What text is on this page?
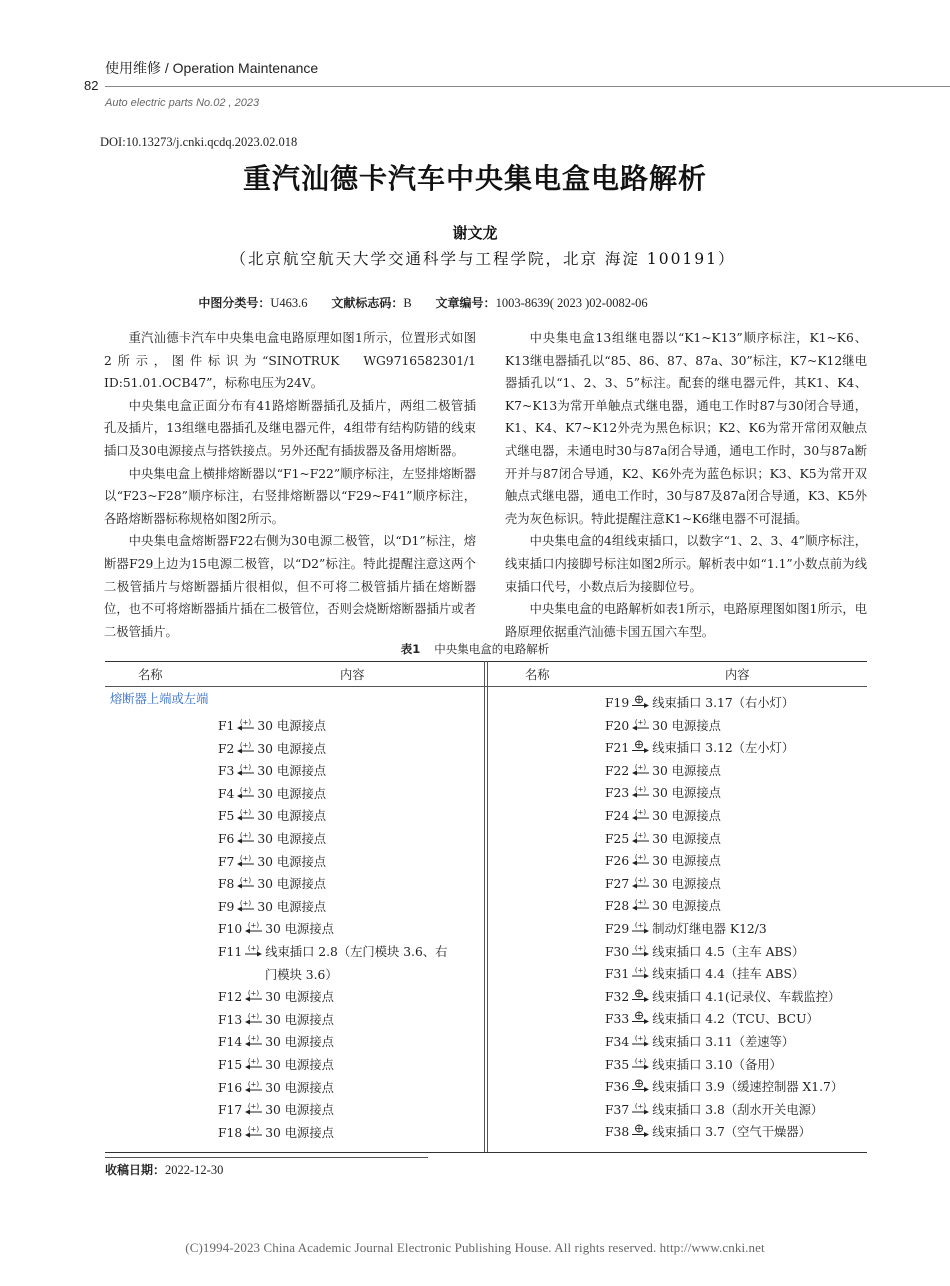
使用维修 / Operation Maintenance
82
Auto electric parts No.02 , 2023
DOI:10.13273/j.cnki.qcdq.2023.02.018
重汽汕德卡汽车中央集电盒电路解析
谢文龙
（北京航空航天大学交通科学与工程学院，北京 海淀 100191）
中图分类号：U463.6 文献标志码：B 文章编号：1003-8639( 2023 )02-0082-06

重汽汕德卡汽车中央集电盒电路原理如图1所示，位置形式如图2所示，图件标识为“SINOTRUK　WG9716582301/1 ID:51.01.OCB47”，标称电压为24V。

中央集电盒正面分布有41路熔断器插孔及插片，两组二极管插孔及插片，13组继电器插孔及继电器元件，4组带有结构防错的线束插口及30电源接点与搭铁接点。另外还配有插拔器及备用熔断器。

中央集电盒上横排熔断器以“F1~F22”顺序标注，左竖排熔断器以“F23~F28”顺序标注，右竖排熔断器以“F29~F41”顺序标注，各路熔断器标称规格如图2所示。

中央集电盒熔断器F22右侧为30电源二极管，以“D1”标注，熔断器F29上边为15电源二极管，以“D2”标注。特此提醒注意这两个二极管插片与熔断器插片很相似，但不可将二极管插片插在熔断器位，也不可将熔断器插片插在二极管位，否则会烧断熔断器插片或者二极管插片。

中央集电盒13组继电器以“K1~K13”顺序标注，K1~K6、K13继电器插孔以“85、86、87、87a、30”标注，K7~K12继电器插孔以“1、2、3、5”标注。配套的继电器元件，其K1、K4、K7~K13为常开单触点式继电器，通电工作时87与30闭合导通，K1、K4、K7~K12外壳为黑色标识；K2、K6为常开常闭双触点式继电器，未通电时30与87a闭合导通，通电工作时，30与87a断开并与87闭合导通，K2、K6外壳为蓝色标识；K3、K5为常开双触点式继电器，通电工作时，30与87及87a闭合导通，K3、K5外壳为灰色标识。特此提醒注意K1~K6继电器不可混插。

中央集电盒的4组线束插口，以数字“1、2、3、4”顺序标注，线束插口内接脚号标注如图2所示。解析表中如“1.1”小数点前为线束插口代号，小数点后为接脚位号。

中央集电盒的电路解析如表1所示，电路原理图如图1所示，电路原理依据重汽汕德卡国五国六车型。

表1 中央集电盒的电路解析
名称	内容	名称	内容
熔断器上端或左端
F1 (+) 30 电源接点
F2 (+) 30 电源接点
F3 (+) 30 电源接点
F4 (+) 30 电源接点
F5 (+) 30 电源接点
F6 (+) 30 电源接点
F7 (+) 30 电源接点
F8 (+) 30 电源接点
F9 (+) 30 电源接点
F10 (+) 30 电源接点
F11 (+) 线束插口 2.8（左门模块 3.6、右
门模块 3.6）
F12 (+) 30 电源接点
F13 (+) 30 电源接点
F14 (+) 30 电源接点
F15 (+) 30 电源接点
F16 (+) 30 电源接点
F17 (+) 30 电源接点
F18 (+) 30 电源接点
F19 线束插口 3.17（右小灯）
F20 (+) 30 电源接点
F21 线束插口 3.12（左小灯）
F22 (+) 30 电源接点
F23 (+) 30 电源接点
F24 (+) 30 电源接点
F25 (+) 30 电源接点
F26 (+) 30 电源接点
F27 (+) 30 电源接点
F28 (+) 30 电源接点
F29 (+) 制动灯继电器 K12/3
F30 (+) 线束插口 4.5（主车 ABS）
F31 (+) 线束插口 4.4（挂车 ABS）
F32 线束插口 4.1(记录仪、车载监控）
F33 线束插口 4.2（TCU、BCU）
F34 (+) 线束插口 3.11（差速等）
F35 (+) 线束插口 3.10（备用）
F36 线束插口 3.9（缓速控制器 X1.7）
F37 (+) 线束插口 3.8（刮水开关电源）
F38 线束插口 3.7（空气干燥器）
收稿日期：2022-12-30
(C)1994-2023 China Academic Journal Electronic Publishing House. All rights reserved. http://www.cnki.net
